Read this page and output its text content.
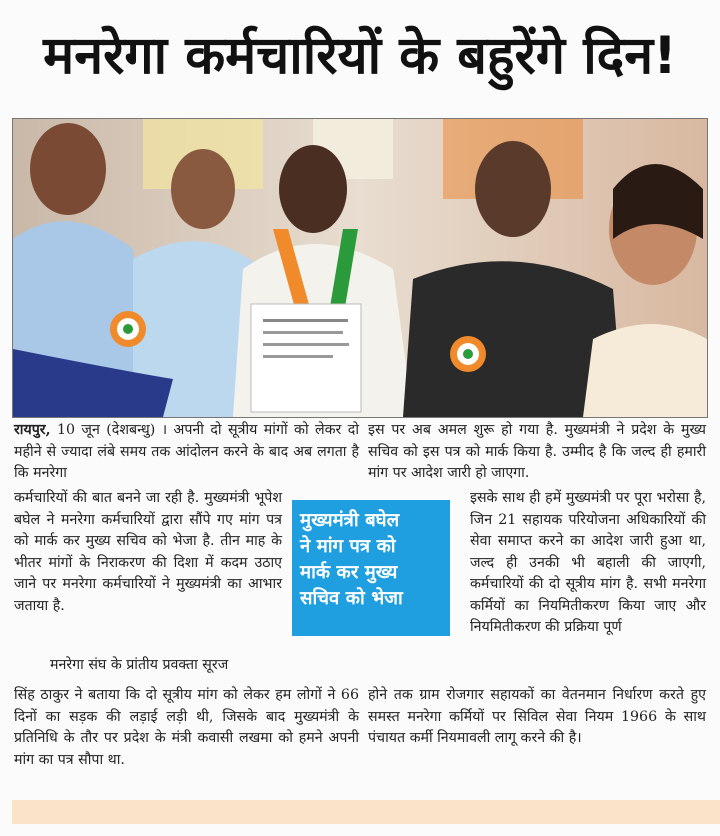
मनरेगा कर्मचारियों के बहुरेंगे दिन!
रायपुर, 10 जून (देशबन्धु) । अपनी दो सूत्रीय मांगों को लेकर दो महीने से ज्यादा लंबे समय तक आंदोलन करने के बाद अब लगता है कि मनरेगा
कर्मचारियों की बात बनने जा रही है. मुख्यमंत्री भूपेश बघेल ने मनरेगा कर्मचारियों द्वारा सौंपे गए मांग पत्र को मार्क कर मुख्य सचिव को भेजा है. तीन माह के भीतर मांगों के निराकरण की दिशा में कदम उठाए जाने पर मनरेगा कर्मचारियों ने मुख्यमंत्री का आभार जताया है.
मनरेगा संघ के प्रांतीय प्रवक्ता सूरज
सिंह ठाकुर ने बताया कि दो सूत्रीय मांग को लेकर हम लोगों ने 66 दिनों का सड़क की लड़ाई लड़ी थी, जिसके बाद मुख्यमंत्री के प्रतिनिधि के तौर पर प्रदेश के मंत्री कवासी लखमा को हमने अपनी मांग का पत्र सौपा था.
इस पर अब अमल शुरू हो गया है. मुख्यमंत्री ने प्रदेश के मुख्य सचिव को इस पत्र को मार्क किया है. उम्मीद है कि जल्द ही हमारी मांग पर आदेश जारी हो जाएगा.
इसके साथ ही हमें मुख्यमंत्री पर पूरा भरोसा है, जिन 21 सहायक परियोजना अधिकारियों की सेवा समाप्त करने का आदेश जारी हुआ था, जल्द ही उनकी भी बहाली की जाएगी, कर्मचारियों की दो सूत्रीय मांग है. सभी मनरेगा कर्मियों का नियमितीकरण किया जाए और नियमितीकरण की प्रक्रिया पूर्ण
होने तक ग्राम रोजगार सहायकों का वेतनमान निर्धारण करते हुए समस्त मनरेगा कर्मियों पर सिविल सेवा नियम 1966 के साथ पंचायत कर्मी नियमावली लागू करने की है।
मुख्यमंत्री बघेल
ने मांग पत्र को
मार्क कर मुख्य
सचिव को भेजा
